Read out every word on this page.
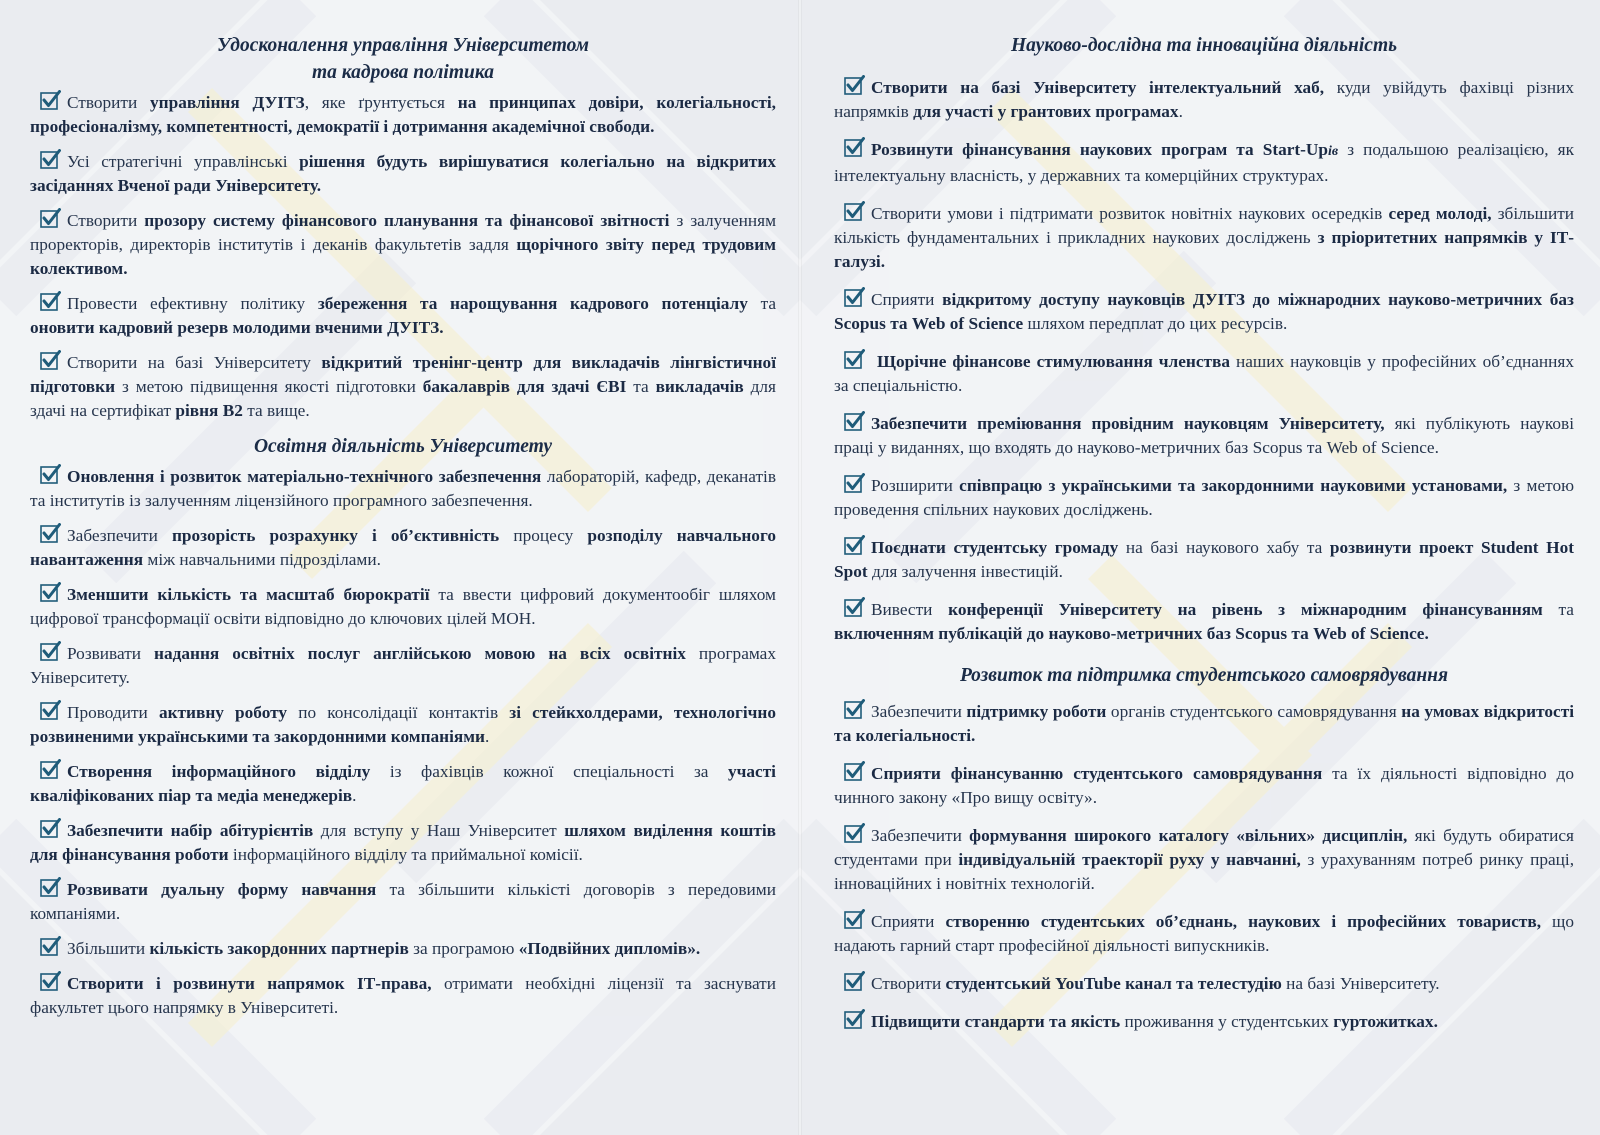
Удосконалення управління Університетом
та кадрова політика
Створити управління ДУІТЗ, яке ґрунтується на принципах довіри, колегіальності, професіоналізму, компетентності, демократії і дотримання академічної свободи.
Усі стратегічні управлінські рішення будуть вирішуватися колегіально на відкритих засіданнях Вченої ради Університету.
Створити прозору систему фінансового планування та фінансової звітності з залученням проректорів, директорів інститутів і деканів факультетів задля щорічного звіту перед трудовим колективом.
Провести ефективну політику збереження та нарощування кадрового потенціалу та оновити кадровий резерв молодими вченими ДУІТЗ.
Створити на базі Університету відкритий тренінг-центр для викладачів лінгвістичної підготовки з метою підвищення якості підготовки бакалаврів для здачі ЄВІ та викладачів для здачі на сертифікат рівня В2 та вище.
Освітня діяльність Університету
Оновлення і розвиток матеріально-технічного забезпечення лабораторій, кафедр, деканатів та інститутів із залученням ліцензійного програмного забезпечення.
Забезпечити прозорість розрахунку і об’єктивність процесу розподілу навчального навантаження між навчальними підрозділами.
Зменшити кількість та масштаб бюрократії та ввести цифровий документообіг шляхом цифрової трансформації освіти відповідно до ключових цілей МОН.
Розвивати надання освітніх послуг англійською мовою на всіх освітніх програмах Університету.
Проводити активну роботу по консолідації контактів зі стейкхолдерами, технологічно розвиненими українськими та закордонними компаніями.
Створення інформаційного відділу із фахівців кожної спеціальності за участі кваліфікованих піар та медіа менеджерів.
Забезпечити набір абітурієнтів для вступу у Наш Університет шляхом виділення коштів для фінансування роботи інформаційного відділу та приймальної комісії.
Розвивати дуальну форму навчання та збільшити кількісті договорів з передовими компаніями.
Збільшити кількість закордонних партнерів за програмою «Подвійних дипломів».
Створити і розвинути напрямок ІТ-права, отримати необхідні ліцензії та заснувати факультет цього напрямку в Університеті.
Науково-дослідна та інноваційна діяльність
Створити на базі Університету інтелектуальний хаб, куди увійдуть фахівці різних напрямків для участі у грантових програмах.
Розвинути фінансування наукових програм та Start-Upів з подальшою реалізацією, як інтелектуальну власність, у державних та комерційних структурах.
Створити умови і підтримати розвиток новітніх наукових осередків серед молоді, збільшити кількість фундаментальних і прикладних наукових досліджень з пріоритетних напрямків у ІТ-галузі.
Сприяти відкритому доступу науковців ДУІТЗ до міжнародних науково-метричних баз Scopus та Web of Science шляхом передплат до цих ресурсів.
Щорічне фінансове стимулювання членства наших науковців у професійних об’єднаннях за спеціальністю.
Забезпечити преміювання провідним науковцям Університету, які публікують наукові праці у виданнях, що входять до науково-метричних баз Scopus та Web of Science.
Розширити співпрацю з українськими та закордонними науковими установами, з метою проведення спільних наукових досліджень.
Поєднати студентську громаду на базі наукового хабу та розвинути проект Student Hot Spot для залучення інвестицій.
Вивести конференції Університету на рівень з міжнародним фінансуванням та включенням публікацій до науково-метричних баз Scopus та Web of Science.
Розвиток та підтримка студентського самоврядування
Забезпечити підтримку роботи органів студентського самоврядування на умовах відкритості та колегіальності.
Сприяти фінансуванню студентського самоврядування та їх діяльності відповідно до чинного закону «Про вищу освіту».
Забезпечити формування широкого каталогу «вільних» дисциплін, які будуть обиратися студентами при індивідуальній траекторії руху у навчанні, з урахуванням потреб ринку праці, інноваційних і новітніх технологій.
Сприяти створенню студентських об’єднань, наукових і професійних товариств, що надають гарний старт професійної діяльності випускників.
Створити студентський YouTube канал та телестудію на базі Університету.
Підвищити стандарти та якість проживання у студентських гуртожитках.
